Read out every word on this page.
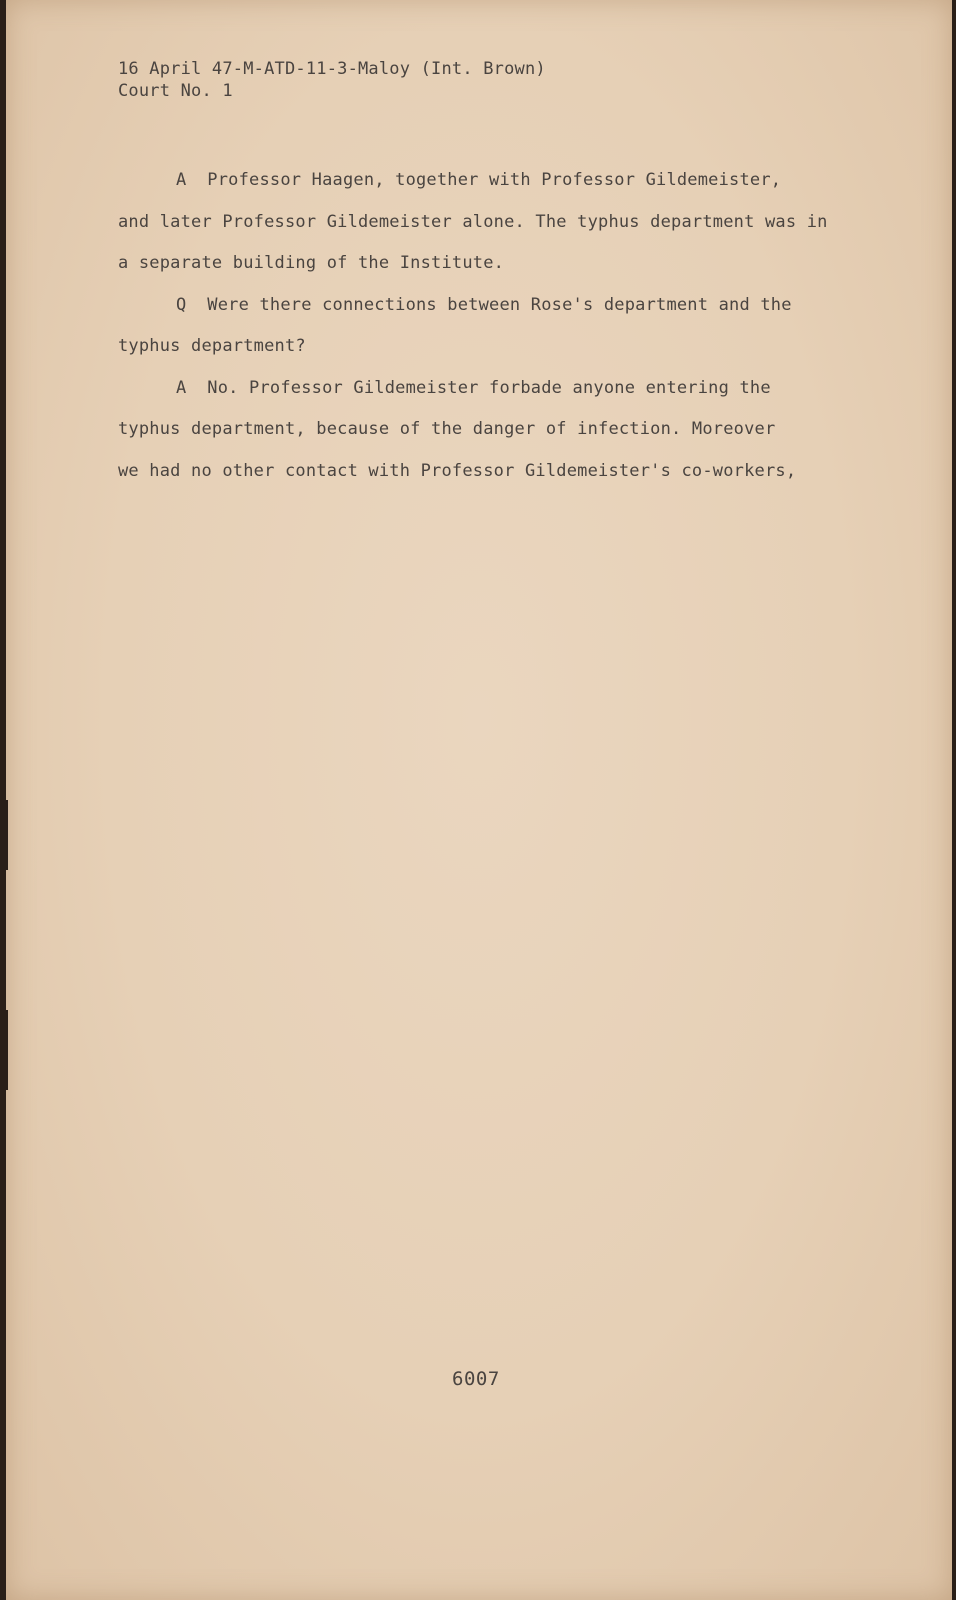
16 April 47-M-ATD-11-3-Maloy (Int. Brown)
Court No. 1
A  Professor Haagen, together with Professor Gildemeister,
and later Professor Gildemeister alone. The typhus department was in
a separate building of the Institute.
Q  Were there connections between Rose's department and the
typhus department?
A  No. Professor Gildemeister forbade anyone entering the
typhus department, because of the danger of infection. Moreover
we had no other contact with Professor Gildemeister's co-workers,
6007
